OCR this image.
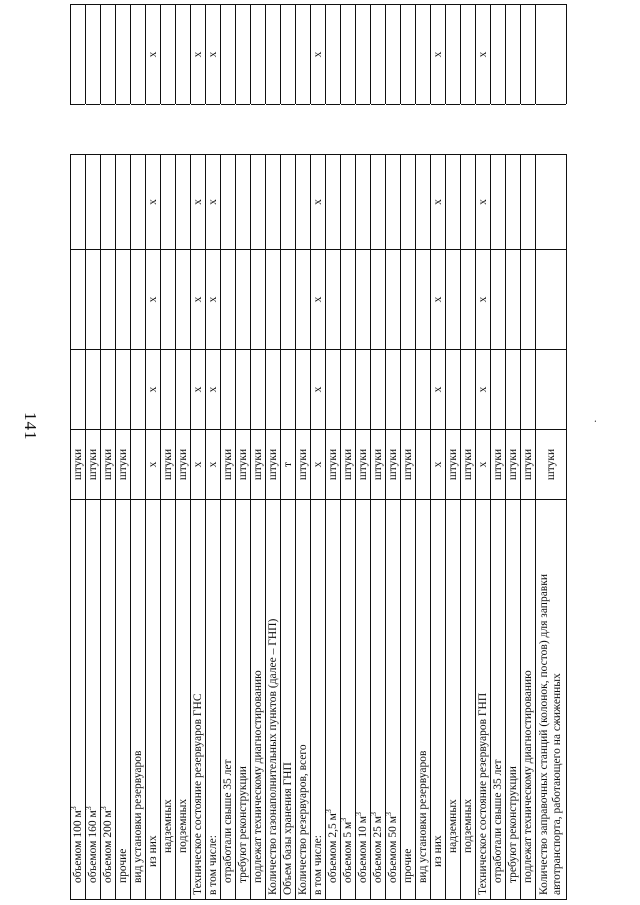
141
объемом 100 $м^3$	штуки					
объемом 160 $м^3$	штуки					
объемом 200 $м^3$	штуки					
прочие	штуки					
вид установки резервуаров						
из них	х	х	х	х		х
надземных	штуки					
подземных	штуки					
Техническое состояние резервуаров ГНС	х	х	х	х		х
в том числе:	х	х	х	х		х
отработали свыше 35 лет	штуки					
требуют реконструкции	штуки					
подлежат техническому диагностированию	штуки					
Количество газонаполнительных пунктов (далее – ГНП)	штуки					
Объем базы хранения ГНП	т					
Количество резервуаров, всего	штуки					
в том числе:	х	х	х	х		х
объемом 2,5 $м^3$	штуки					
объемом 5 $м^3$	штуки					
объемом 10 $м^3$	штуки					
объемом 25 $м^3$	штуки					
объемом 50 $м^3$	штуки					
прочие	штуки					
вид установки резервуаров						
из них	х	х	х	х		х
надземных	штуки					
подземных	штуки					
Техническое состояние резервуаров ГНП	х	х	х	х		х
отработали свыше 35 лет	штуки					
требуют реконструкции	штуки					
подлежат техническому диагностированию	штуки					
Количество заправочных станций (колонок, постов) для заправки автотранспорта, работающего на сжиженных	штуки					
·
